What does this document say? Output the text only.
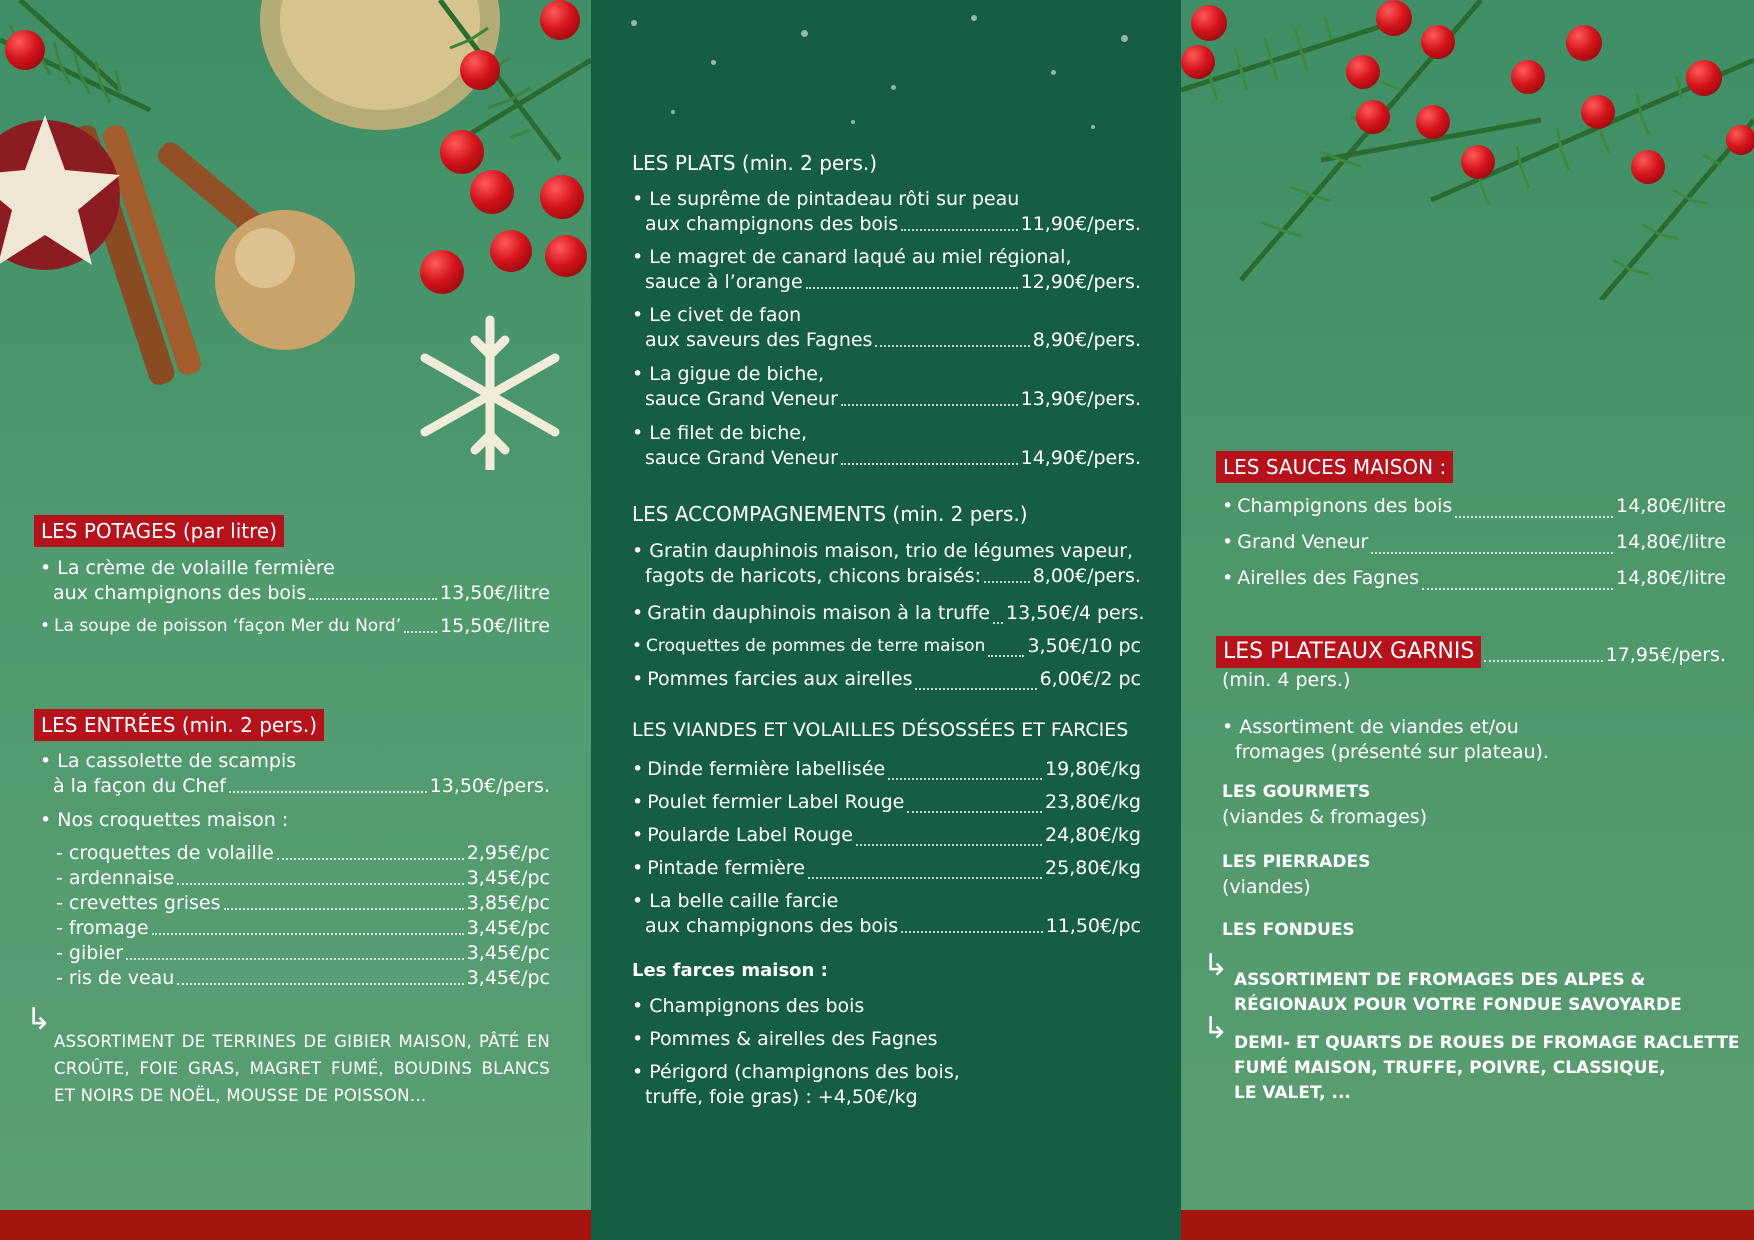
LES POTAGES (par litre)
• La crème de volaille fermière
aux champignons des bois	13,50€/litre
• La soupe de poisson ‘façon Mer du Nord’ 15,50€/litre
LES ENTRÉES (min. 2 pers.)
• La cassolette de scampis
à la façon du Chef	13,50€/pers.
• Nos croquettes maison :
- croquettes de volaille	2,95€/pc
- ardennaise	3,45€/pc
- crevettes grises	3,85€/pc
- fromage	3,45€/pc
- gibier	3,45€/pc
- ris de veau	3,45€/pc
↳
ASSORTIMENT DE TERRINES DE GIBIER MAISON, PÂTÉ EN CROÛTE, FOIE GRAS, MAGRET FUMÉ, BOUDINS BLANCS ET NOIRS DE NOËL, MOUSSE DE POISSON...
LES PLATS (min. 2 pers.)
• Le suprême de pintadeau rôti sur peau
aux champignons des bois	11,90€/pers.
• Le magret de canard laqué au miel régional,
sauce à l’orange	12,90€/pers.
• Le civet de faon
aux saveurs des Fagnes	8,90€/pers.
• La gigue de biche,
sauce Grand Veneur	13,90€/pers.
• Le filet de biche,
sauce Grand Veneur	14,90€/pers.
LES ACCOMPAGNEMENTS (min. 2 pers.)
• Gratin dauphinois maison, trio de légumes vapeur,
fagots de haricots, chicons braisés:	8,00€/pers.
• Gratin dauphinois maison à la truffe 13,50€/4 pers.
• Croquettes de pommes de terre maison 3,50€/10 pc
• Pommes farcies aux airelles	6,00€/2 pc
LES VIANDES ET VOLAILLES DÉSOSSÉES ET FARCIES
• Dinde fermière labellisée	19,80€/kg
• Poulet fermier Label Rouge	23,80€/kg
• Poularde Label Rouge	24,80€/kg
• Pintade fermière	25,80€/kg
• La belle caille farcie
aux champignons des bois	11,50€/pc
Les farces maison :
• Champignons des bois
• Pommes & airelles des Fagnes
• Périgord (champignons des bois,
truffe, foie gras) : +4,50€/kg
LES SAUCES MAISON :
• Champignons des bois	14,80€/litre
• Grand Veneur	14,80€/litre
• Airelles des Fagnes	14,80€/litre
LES PLATEAUX GARNIS	17,95€/pers.
(min. 4 pers.)
• Assortiment de viandes et/ou
fromages (présenté sur plateau).
LES GOURMETS
(viandes & fromages)
LES PIERRADES
(viandes)
LES FONDUES
↳ ASSORTIMENT DE FROMAGES DES ALPES &
RÉGIONAUX POUR VOTRE FONDUE SAVOYARDE
↳ DEMI- ET QUARTS DE ROUES DE FROMAGE RACLETTE
FUMÉ MAISON, TRUFFE, POIVRE, CLASSIQUE,
LE VALET, ...
